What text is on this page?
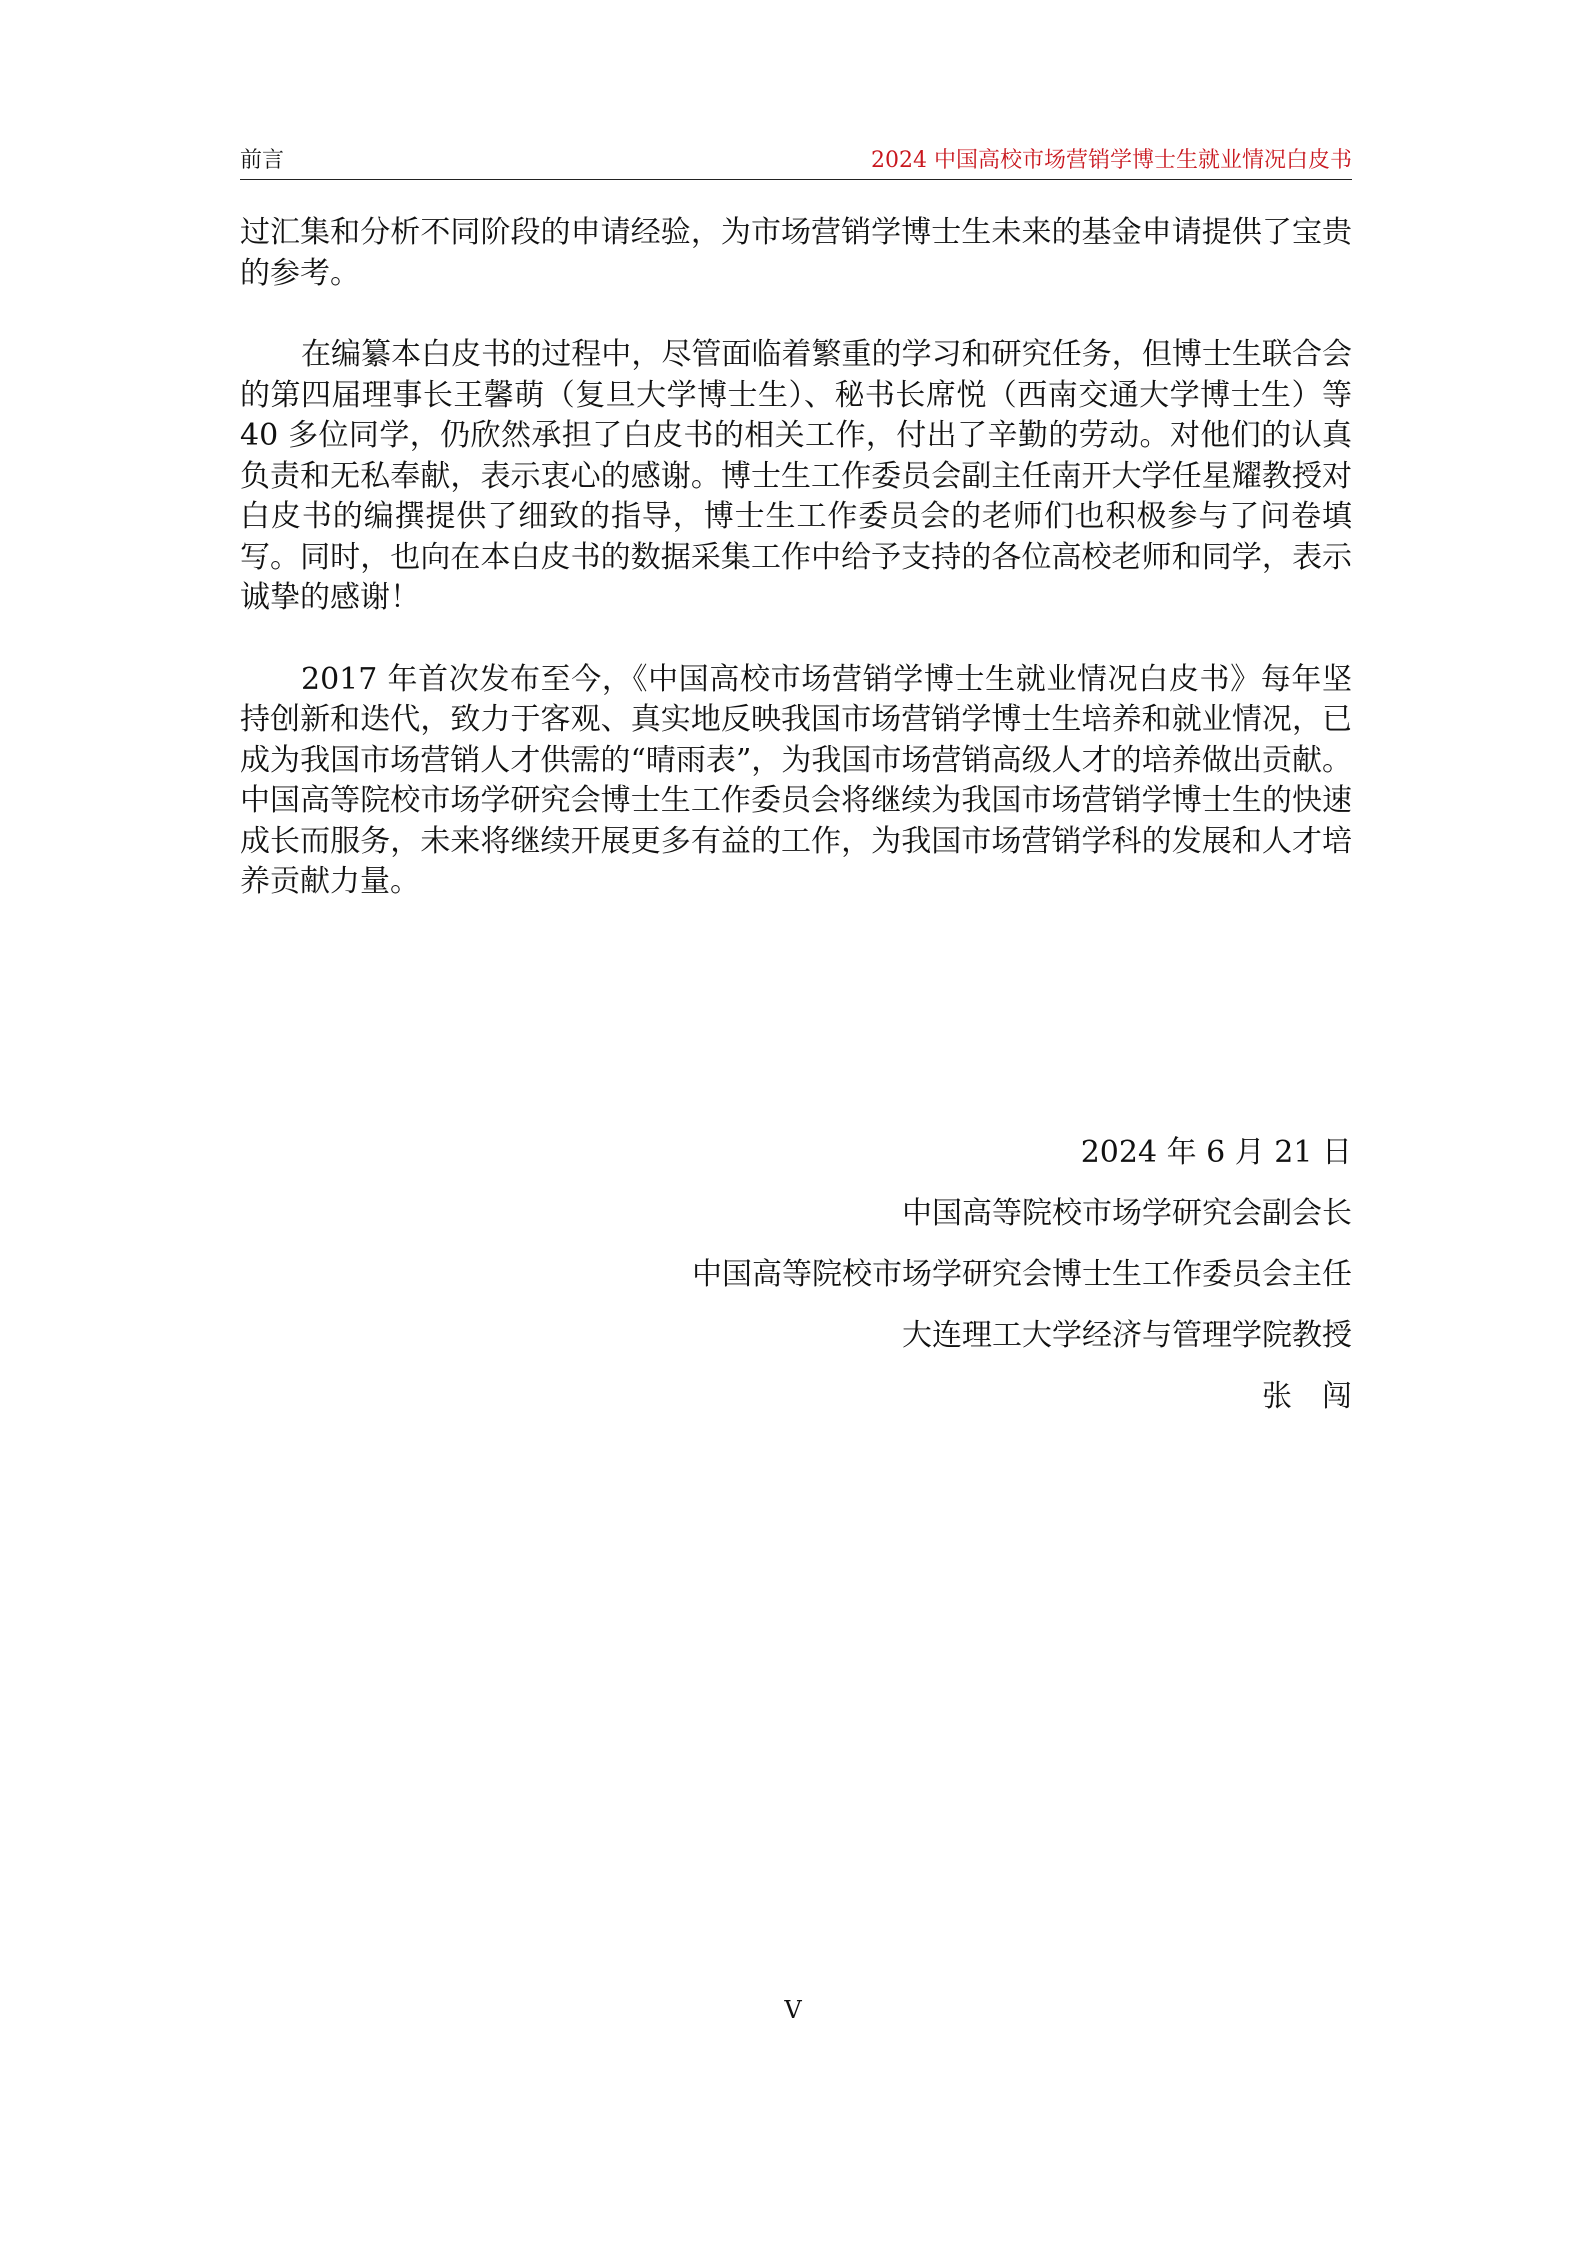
前言	2024 中国高校市场营销学博士生就业情况白皮书

过汇集和分析不同阶段的申请经验，为市场营销学博士生未来的基金申请提供了宝贵的参考。

在编纂本白皮书的过程中，尽管面临着繁重的学习和研究任务，但博士生联合会的第四届理事长王馨萌（复旦大学博士生）、秘书长席悦（西南交通大学博士生）等 40 多位同学，仍欣然承担了白皮书的相关工作，付出了辛勤的劳动。对他们的认真负责和无私奉献，表示衷心的感谢。博士生工作委员会副主任南开大学任星耀教授对白皮书的编撰提供了细致的指导，博士生工作委员会的老师们也积极参与了问卷填写。同时，也向在本白皮书的数据采集工作中给予支持的各位高校老师和同学，表示诚挚的感谢！

2017 年首次发布至今，《中国高校市场营销学博士生就业情况白皮书》每年坚持创新和迭代，致力于客观、真实地反映我国市场营销学博士生培养和就业情况，已成为我国市场营销人才供需的“晴雨表”，为我国市场营销高级人才的培养做出贡献。中国高等院校市场学研究会博士生工作委员会将继续为我国市场营销学博士生的快速成长而服务，未来将继续开展更多有益的工作，为我国市场营销学科的发展和人才培养贡献力量。

2024 年 6 月 21 日
中国高等院校市场学研究会副会长
中国高等院校市场学研究会博士生工作委员会主任
大连理工大学经济与管理学院教授
张闯
V
